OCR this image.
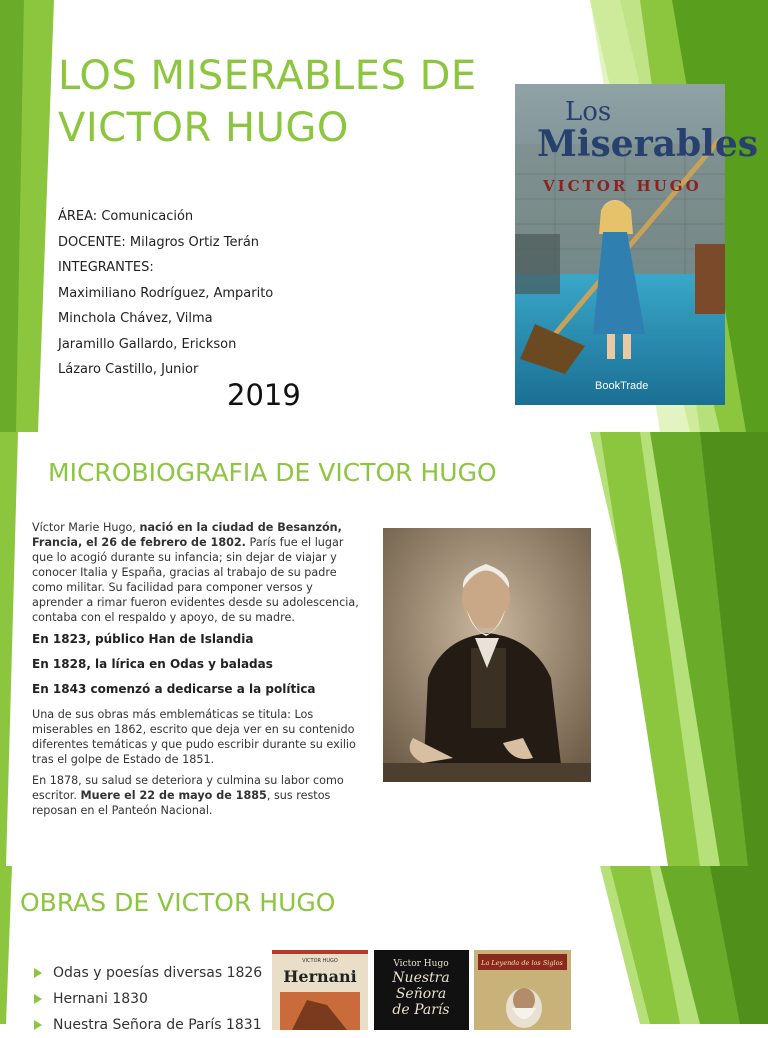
LOS MISERABLES DE VICTOR HUGO
ÁREA: Comunicación
DOCENTE: Milagros Ortiz Terán
INTEGRANTES:
Maximiliano Rodríguez, Amparito
Minchola Chávez, Vilma
Jaramillo Gallardo, Erickson
Lázaro Castillo, Junior
2019
Los
Miserables
VICTOR HUGO
BookTrade
MICROBIOGRAFIA DE VICTOR HUGO

Víctor Marie Hugo, nació en la ciudad de Besanzón, Francia, el 26 de febrero de 1802. París fue el lugar que lo acogió durante su infancia; sin dejar de viajar y conocer Italia y España, gracias al trabajo de su padre como militar. Su facilidad para componer versos y aprender a rimar fueron evidentes desde su adolescencia, contaba con el respaldo y apoyo, de su madre.

En 1823, público Han de Islandia
En 1828, la lírica en Odas y baladas
En 1843 comenzó a dedicarse a la política

Una de sus obras más emblemáticas se titula: Los miserables en 1862, escrito que deja ver en su contenido diferentes temáticas y que pudo escribir durante su exilio tras el golpe de Estado de 1851.

En 1878, su salud se deteriora y culmina su labor como escritor. Muere el 22 de mayo de 1885, sus restos reposan en el Panteón Nacional.

OBRAS DE VICTOR HUGO
Odas y poesías diversas 1826
Hernani 1830
Nuestra Señora de París 1831
VICTOR HUGO
Hernani
Victor Hugo
Nuestra
Señora
de París
La Leyenda de los Siglos
